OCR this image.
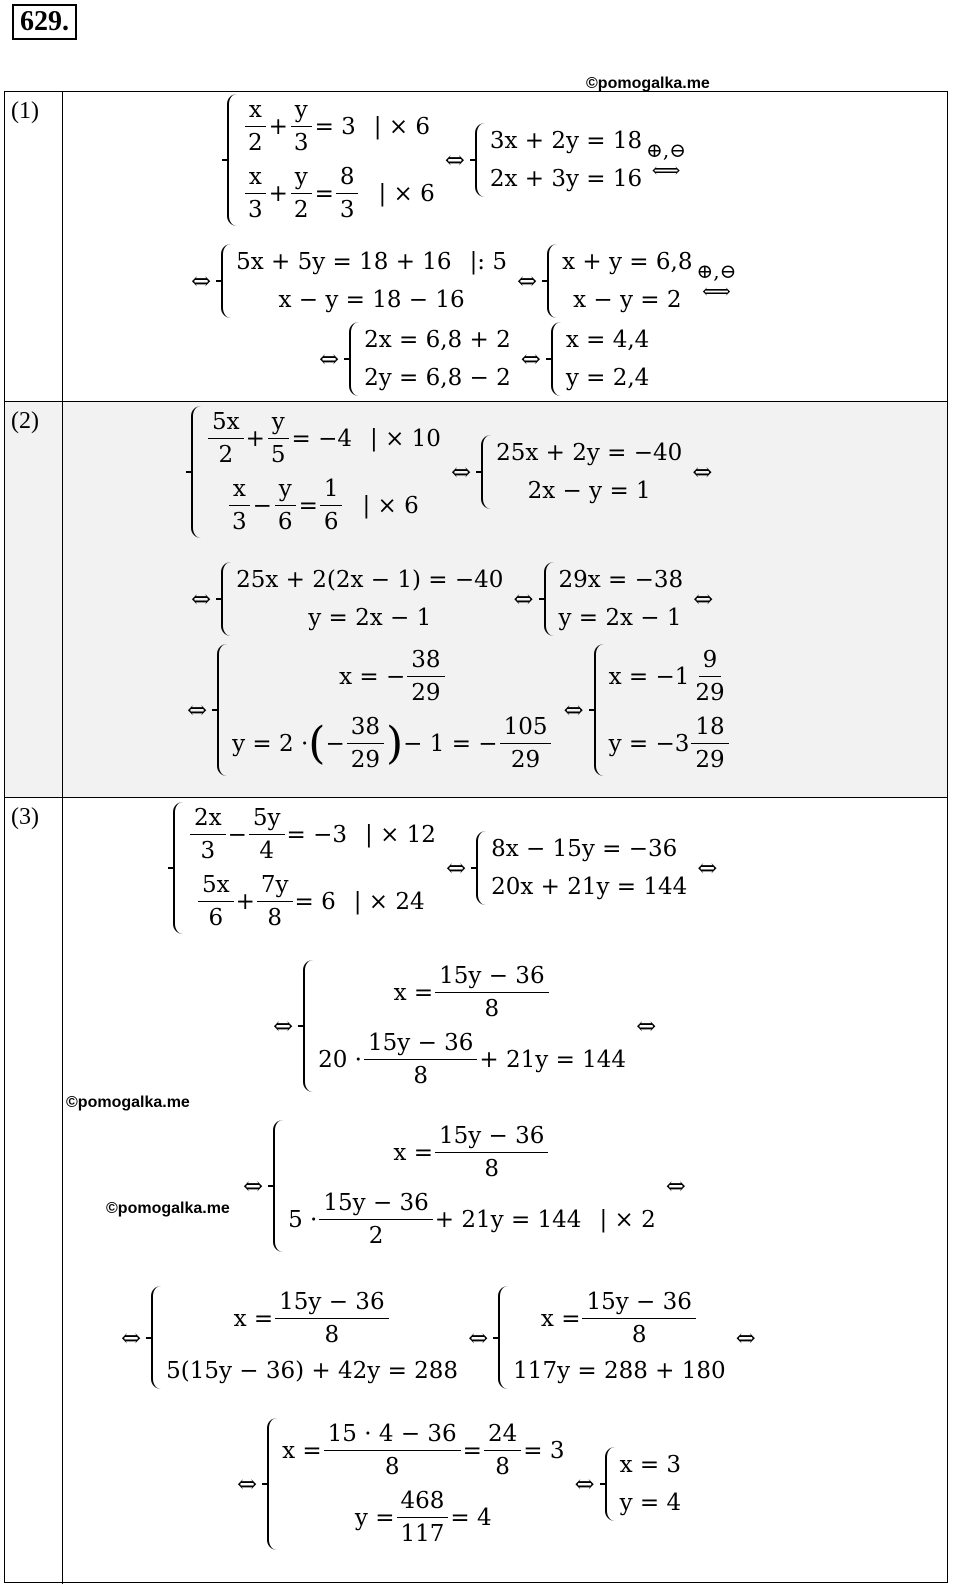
629.
©pomogalka.me
©pomogalka.me
©pomogalka.me
(1)	$\frac{x}{2} + \frac{y}{3} = 3$ | × 6
$\frac{x}{3} + \frac{y}{2} = \frac{8}{3}$ | × 6
⇔
3x + 2y = 18
2x + 3y = 16
⊕,⊖
⟺
⇔
5x + 5y = 18 + 16 |: 5
x − y = 18 − 16
⇔
x + y = 6,8
x − y = 2
⊕,⊖
⟺
⇔
2x = 6,8 + 2
2y = 6,8 − 2
⇔
x = 4,4
y = 2,4
(2)	$\frac{5x}{2} + \frac{y}{5} = -4$ | × 10
$\frac{x}{3} - \frac{y}{6} = \frac{1}{6}$ | × 6
⇔
25x + 2y = −40
2x − y = 1
⇔
⇔
25x + 2(2x − 1) = −40
y = 2x − 1
⇔
29x = −38
y = 2x − 1
⇔
⇔
x = − $\frac{38}{29}$
y = 2 · ( − $\frac{38}{29}$ ) − 1 = − $\frac{105}{29}$
⇔
$x = -1 \frac{9}{29}$
$y = -3 \frac{18}{29}$
(3)	$\frac{2x}{3} - \frac{5y}{4} = -3$ | × 12
$\frac{5x}{6} + \frac{7y}{8} = 6$ | × 24
⇔
8x − 15y = −36
20x + 21y = 144
⇔
⇔
$x = \frac{15y - 36}{8}$
$20 \cdot \frac{15y - 36}{8} + 21y = 144$
⇔
⇔
$x = \frac{15y - 36}{8}$
$5 \cdot \frac{15y - 36}{2} + 21y = 144$ | × 2
⇔
⇔
$x = \frac{15y - 36}{8}$
5(15y − 36) + 42y = 288
⇔
$x = \frac{15y - 36}{8}$
117y = 288 + 180
⇔
⇔
$x = \frac{15 \cdot 4 - 36}{8} = \frac{24}{8} = 3$
$y = \frac{468}{117} = 4$
⇔
x = 3
y = 4
